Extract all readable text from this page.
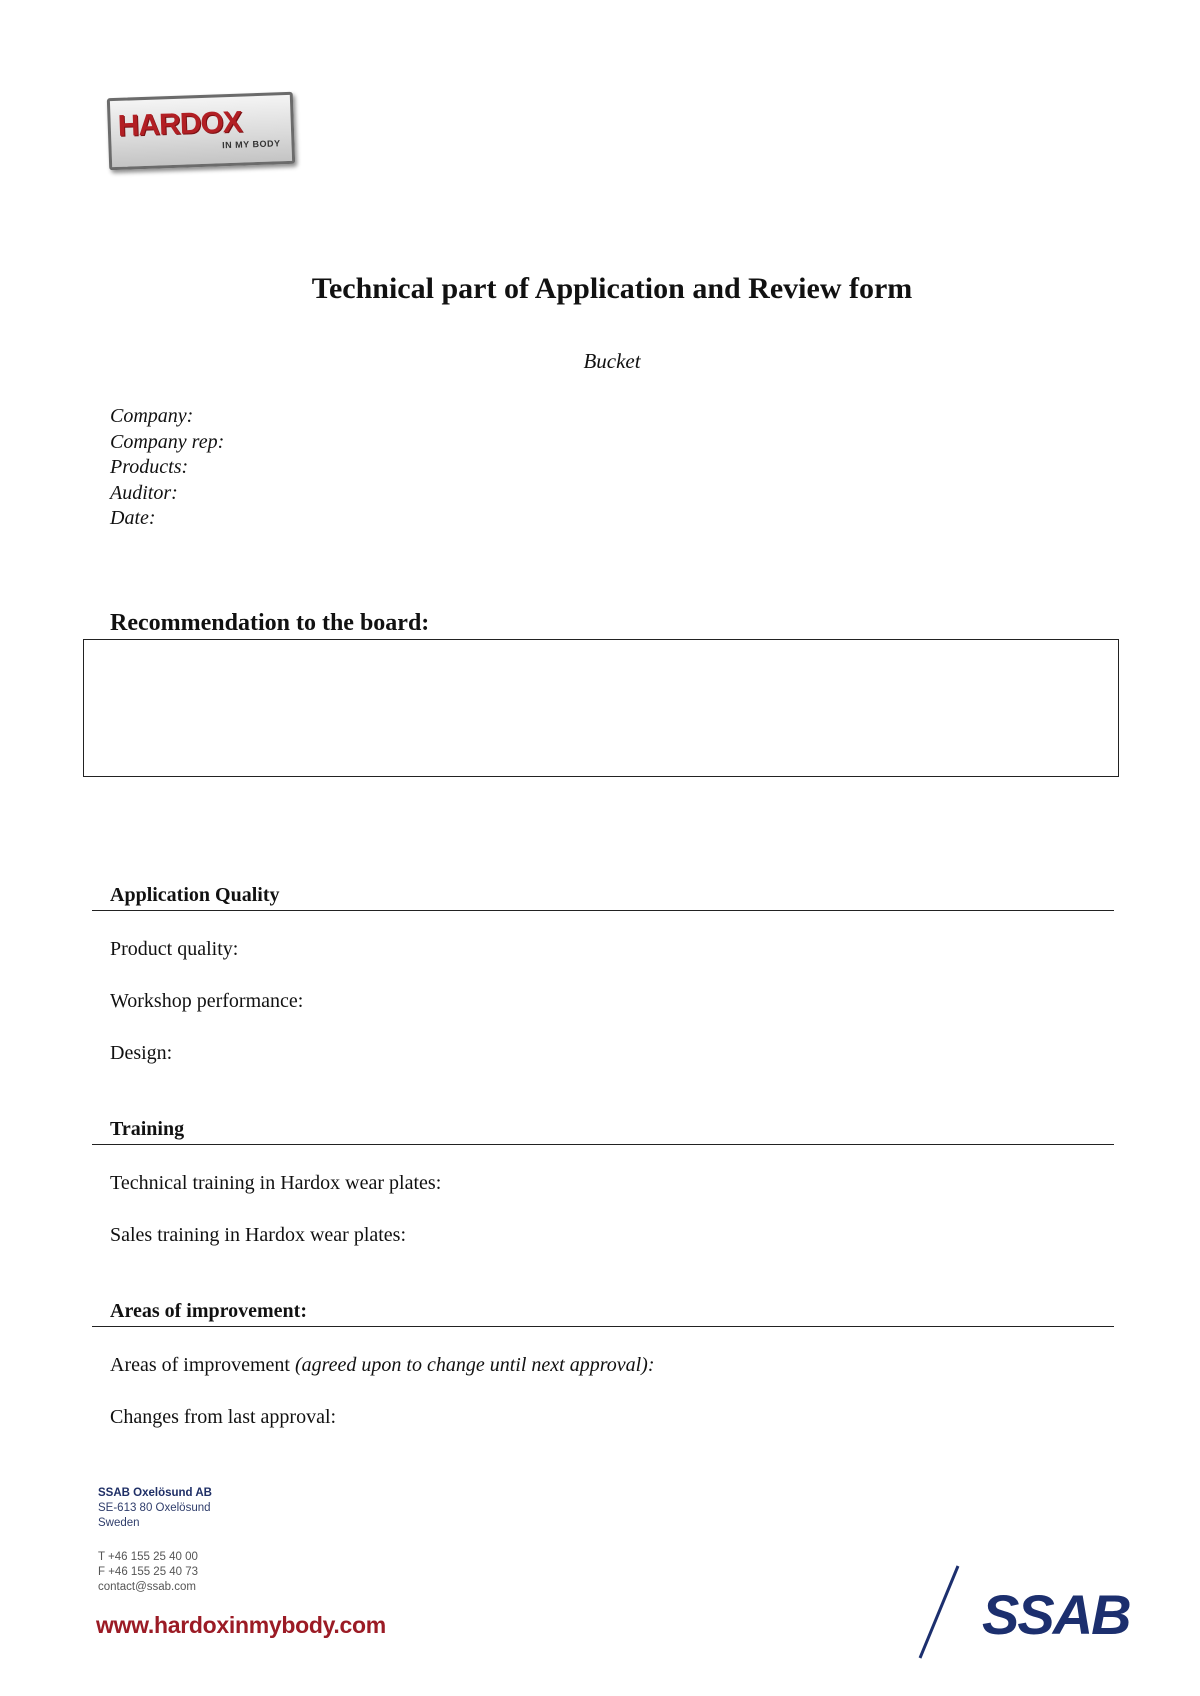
HARDOX
IN MY BODY
Technical part of Application and Review form
Bucket
Company:
Company rep:
Products:
Auditor:
Date:
Recommendation to the board:
Application Quality
Product quality:
Workshop performance:
Design:
Training
Technical training in Hardox wear plates:
Sales training in Hardox wear plates:
Areas of improvement:
Areas of improvement (agreed upon to change until next approval):
Changes from last approval:
SSAB Oxelösund AB
SE-613 80 Oxelösund
Sweden
T +46 155 25 40 00
F +46 155 25 40 73
contact@ssab.com
www.hardoxinmybody.com	SSAB
